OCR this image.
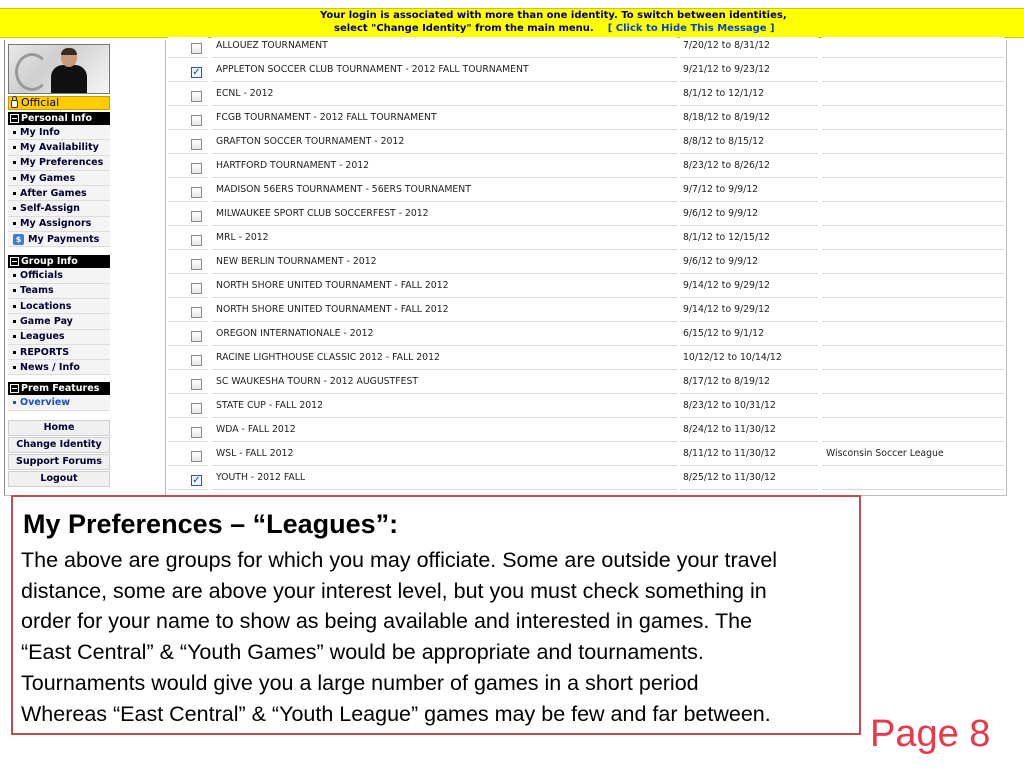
Your login is associated with more than one identity. To switch between identities,
select "Change Identity" from the main menu. [ Click to Hide This Message ]
Official
Personal Info
My Info
My Availability
My Preferences
My Games
After Games
Self-Assign
My Assignors
$ My Payments
Group Info
Officials
Teams
Locations
Game Pay
Leagues
REPORTS
News / Info
Prem Features
Overview
Home
Change Identity
Support Forums
Logout
ALLOUEZ TOURNAMENT	7/20/12 to 8/31/12
✓ APPLETON SOCCER CLUB TOURNAMENT - 2012 FALL TOURNAMENT	9/21/12 to 9/23/12
ECNL - 2012	8/1/12 to 12/1/12
FCGB TOURNAMENT - 2012 FALL TOURNAMENT	8/18/12 to 8/19/12
GRAFTON SOCCER TOURNAMENT - 2012	8/8/12 to 8/15/12
HARTFORD TOURNAMENT - 2012	8/23/12 to 8/26/12
MADISON 56ERS TOURNAMENT - 56ERS TOURNAMENT	9/7/12 to 9/9/12
MILWAUKEE SPORT CLUB SOCCERFEST - 2012	9/6/12 to 9/9/12
MRL - 2012	8/1/12 to 12/15/12
NEW BERLIN TOURNAMENT - 2012	9/6/12 to 9/9/12
NORTH SHORE UNITED TOURNAMENT - FALL 2012	9/14/12 to 9/29/12
NORTH SHORE UNITED TOURNAMENT - FALL 2012	9/14/12 to 9/29/12
OREGON INTERNATIONALE - 2012	6/15/12 to 9/1/12
RACINE LIGHTHOUSE CLASSIC 2012 - FALL 2012	10/12/12 to 10/14/12
SC WAUKESHA TOURN - 2012 AUGUSTFEST	8/17/12 to 8/19/12
STATE CUP - FALL 2012	8/23/12 to 10/31/12
WDA - FALL 2012	8/24/12 to 11/30/12
WSL - FALL 2012	8/11/12 to 11/30/12	Wisconsin Soccer League
✓ YOUTH - 2012 FALL	8/25/12 to 11/30/12
My Preferences – “Leagues”:
The above are groups for which you may officiate. Some are outside your travel
distance, some are above your interest level, but you must check something in
order for your name to show as being available and interested in games. The
“East Central” & “Youth Games” would be appropriate and tournaments.
Tournaments would give you a large number of games in a short period
Whereas “East Central” & “Youth League” games may be few and far between.	Page 8
